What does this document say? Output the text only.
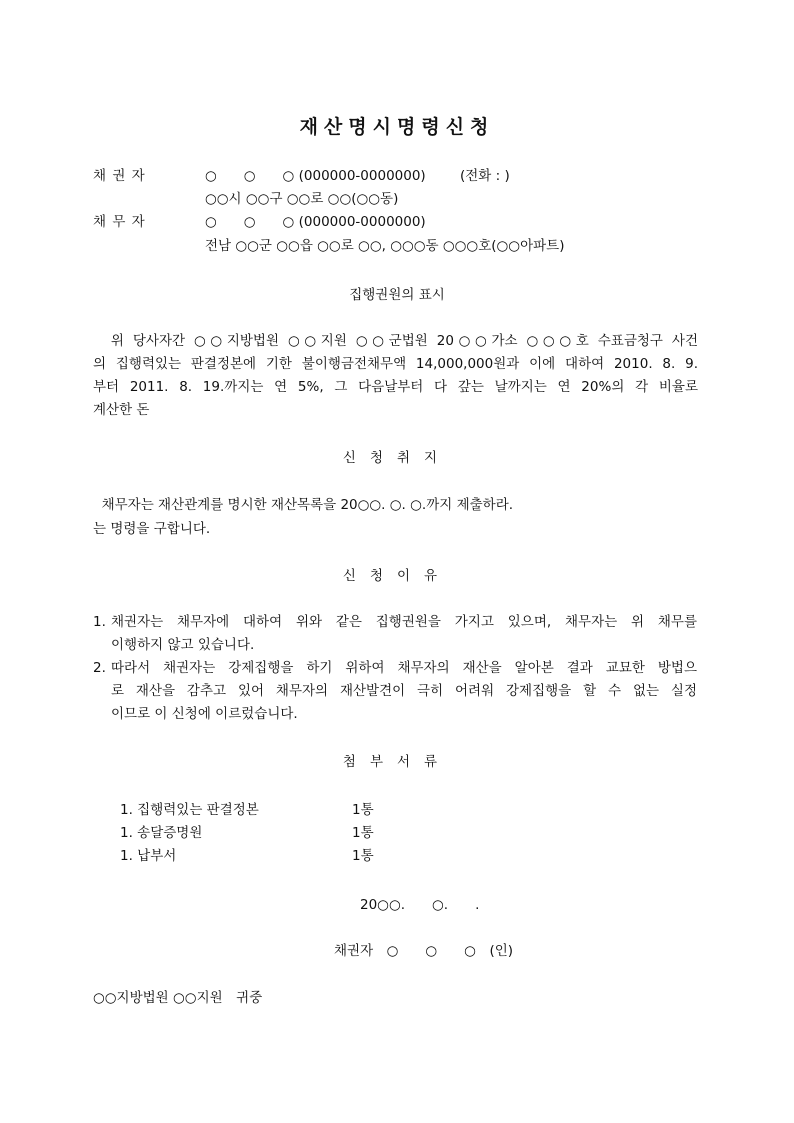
재산명시명령신청
채 권 자	○　　○　　○ (000000-0000000)	(전화 : )
○○시 ○○구 ○○로 ○○(○○동)
채 무 자	○　　○　　○ (000000-0000000)
전남 ○○군 ○○읍 ○○로 ○○, ○○○동 ○○○호(○○아파트)
집행권원의 표시
위 당사자간 ○○지방법원 ○○지원 ○○군법원 20○○가소 ○○○호 수표금청구 사건
의 집행력있는 판결정본에 기한 불이행금전채무액 14,000,000원과 이에 대하여 2010. 8. 9.
부터 2011. 8. 19.까지는 연 5%, 그 다음날부터 다 갚는 날까지는 연 20%의 각 비율로
계산한 돈
신청취지
채무자는 재산관계를 명시한 재산목록을 20○○. ○. ○.까지 제출하라.
는 명령을 구합니다.
신청이유
1. 채권자는 채무자에 대하여 위와 같은 집행권원을 가지고 있으며, 채무자는 위 채무를
이행하지 않고 있습니다.
2. 따라서 채권자는 강제집행을 하기 위하여 채무자의 재산을 알아본 결과 교묘한 방법으
로 재산을 감추고 있어 채무자의 재산발견이 극히 어려워 강제집행을 할 수 없는 실정
이므로 이 신청에 이르렀습니다.
첨부서류
1. 집행력있는 판결정본	1통
1. 송달증명원	1통
1. 납부서	1통
20○○.　　○.　　.
채권자　○　　○　　○　(인)
○○지방법원 ○○지원　귀중
